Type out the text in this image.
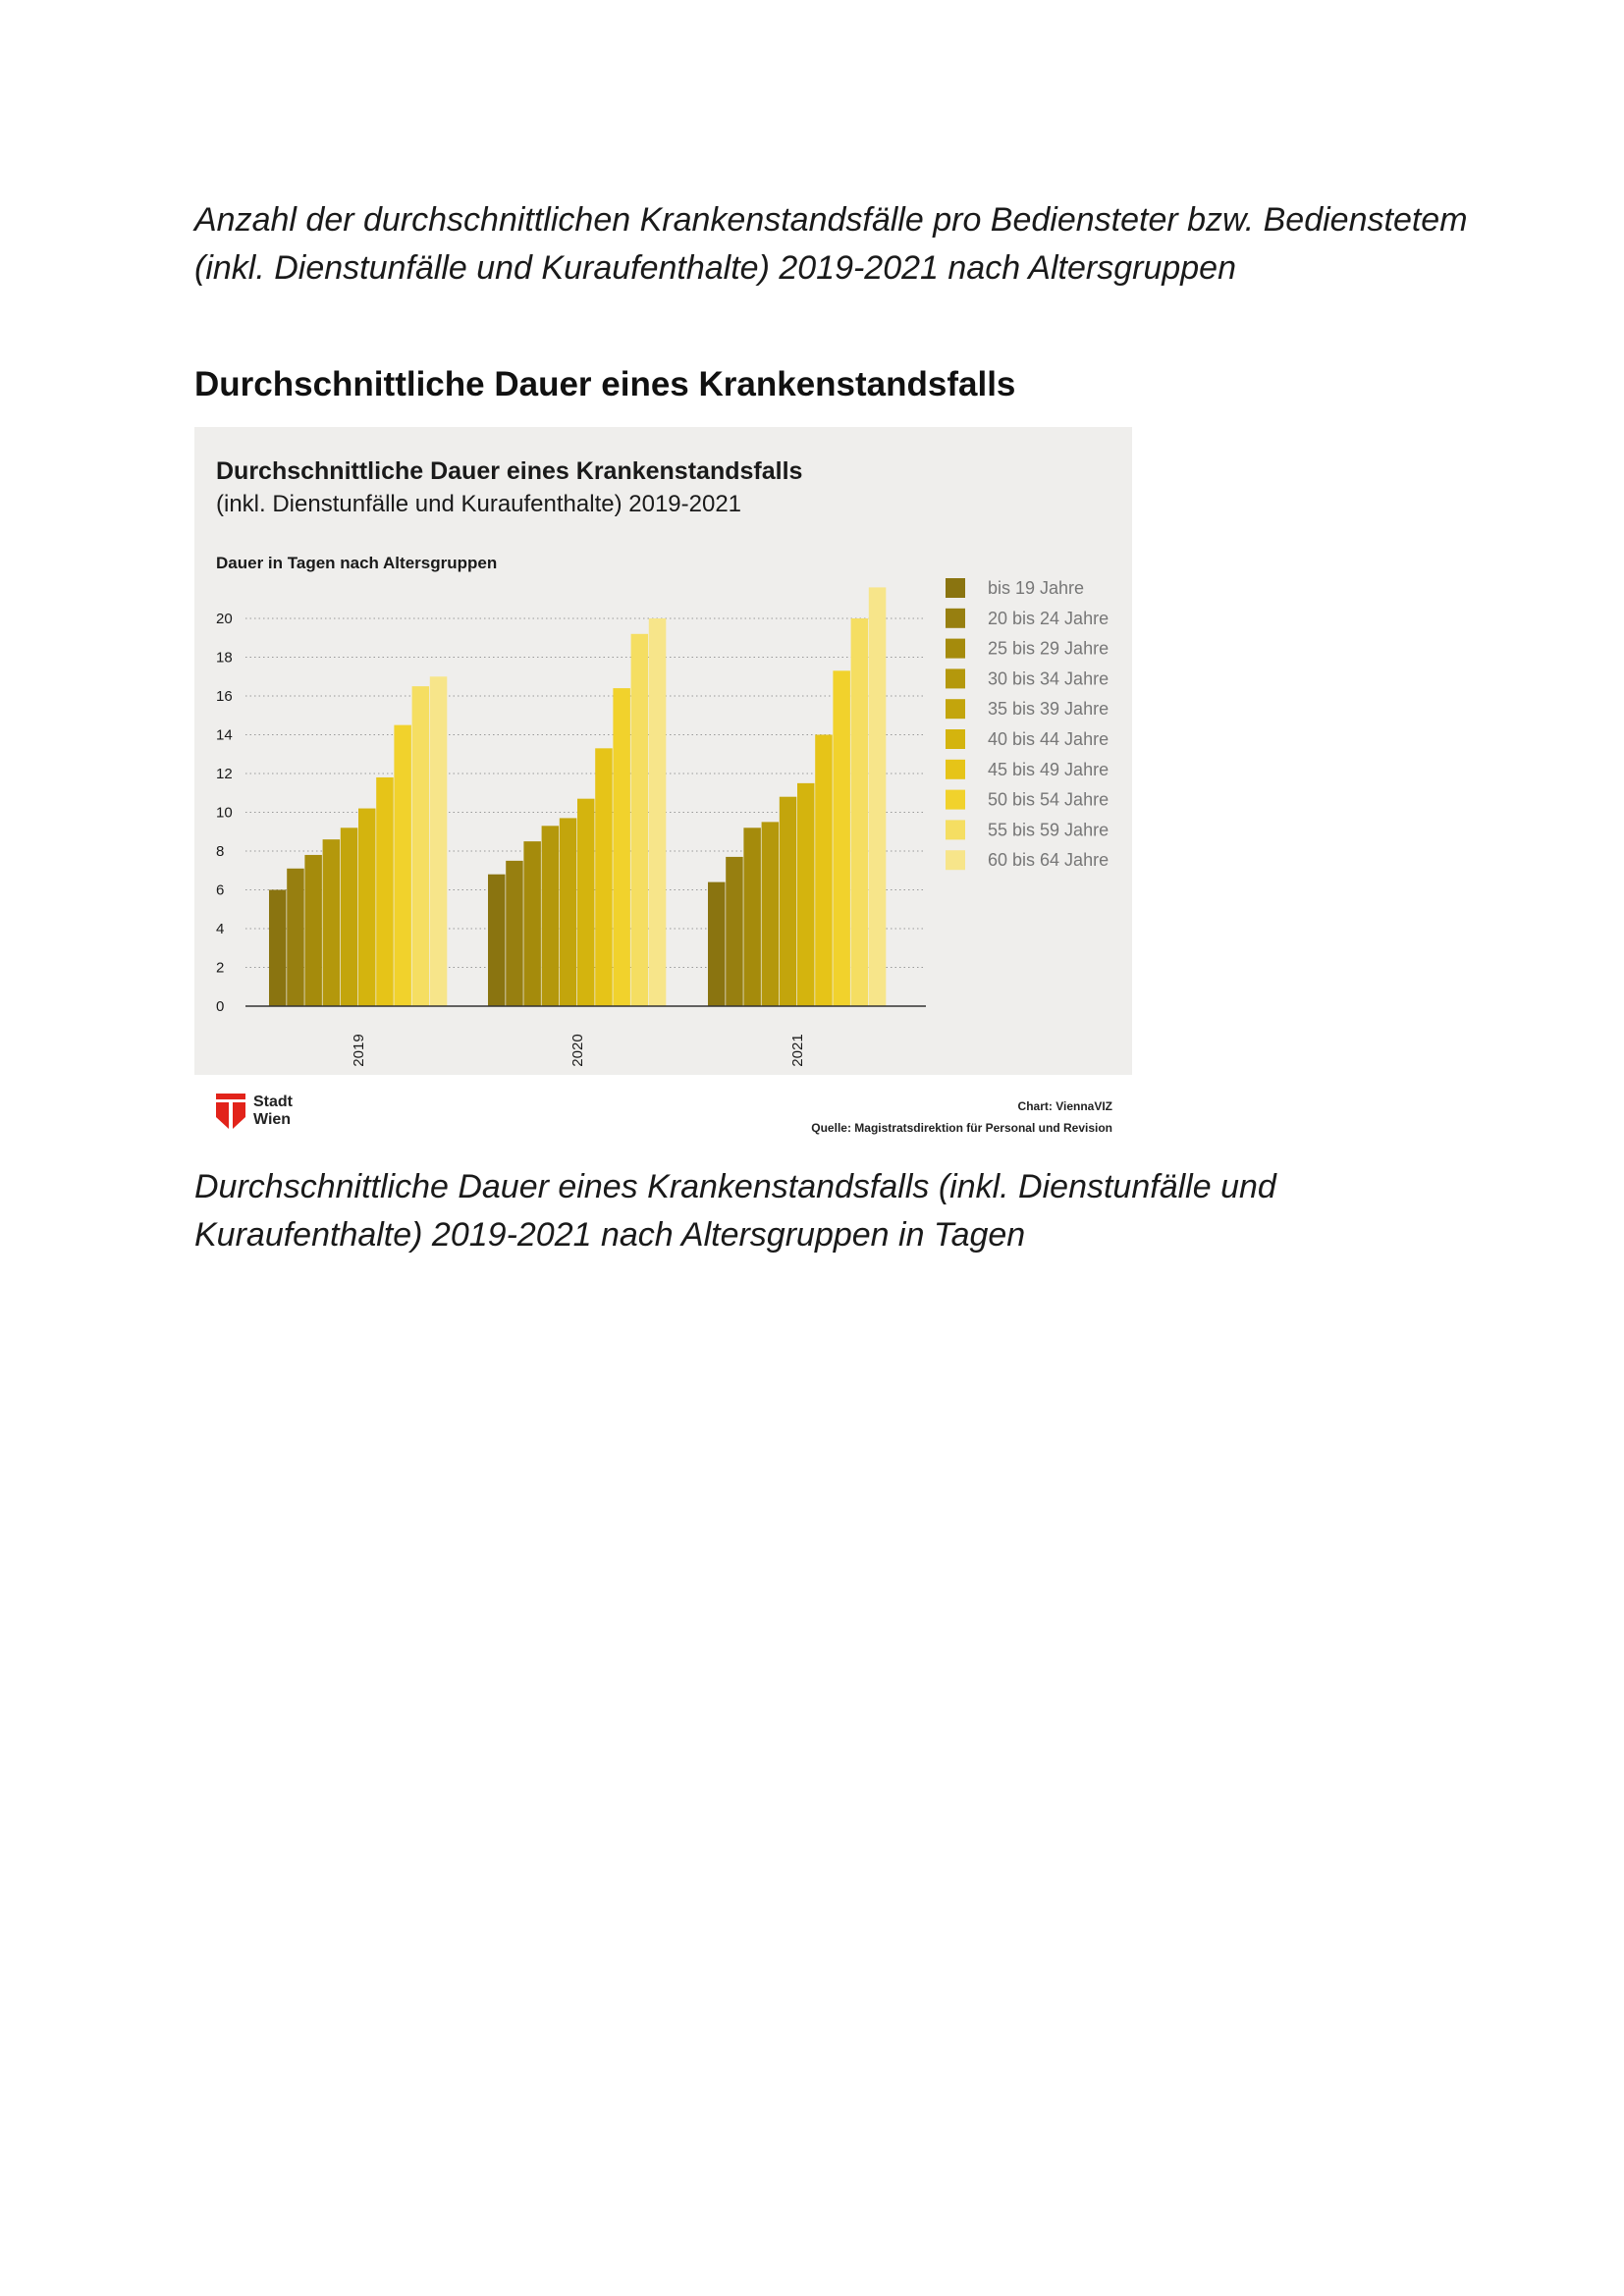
Anzahl der durchschnittlichen Krankenstandsfälle pro Bediensteter bzw. Bedienstetem (inkl. Dienstunfälle und Kuraufenthalte) 2019-2021 nach Altersgruppen

Durchschnittliche Dauer eines Krankenstandsfalls
Durchschnittliche Dauer eines Krankenstandsfalls
(inkl. Dienstunfälle und Kuraufenthalte) 2019-2021
Dauer in Tagen nach Altersgruppen
0
2
4
6
8
10
12
14
16
18
20
2019	2020	2021
bis 19 Jahre
20 bis 24 Jahre
25 bis 29 Jahre
30 bis 34 Jahre
35 bis 39 Jahre
40 bis 44 Jahre
45 bis 49 Jahre
50 bis 54 Jahre
55 bis 59 Jahre
60 bis 64 Jahre
Stadt
Wien
Chart: ViennaVIZ
Quelle: Magistratsdirektion für Personal und Revision

Durchschnittliche Dauer eines Krankenstandsfalls (inkl. Dienstunfälle und Kuraufenthalte) 2019-2021 nach Altersgruppen in Tagen
